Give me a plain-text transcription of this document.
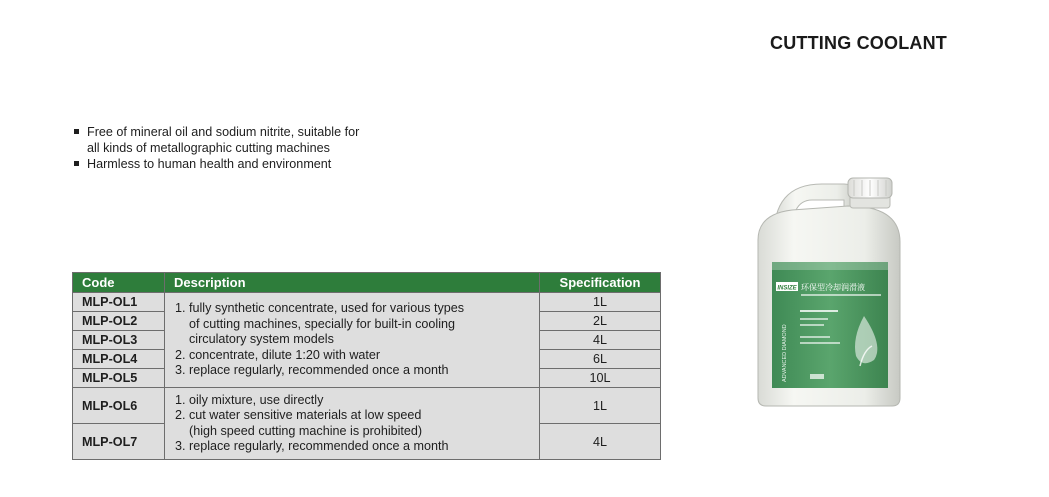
CUTTING COOLANT
Free of mineral oil and sodium nitrite, suitable for
all kinds of metallographic cutting machines
Harmless to human health and environment
Code	Description	Specification
MLP-OL1	1. fully synthetic concentrate, used for various types
of cutting machines, specially for built-in cooling
circulatory system models
2. concentrate, dilute 1:20 with water
3. replace regularly, recommended once a month	1L
MLP-OL2		2L
MLP-OL3		4L
MLP-OL4		6L
MLP-OL5		10L
MLP-OL6	1. oily mixture, use directly
2. cut water sensitive materials at low speed
(high speed cutting machine is prohibited)
3. replace regularly, recommended once a month	1L
MLP-OL7		4L
INSIZE 环保型冷却润滑液
ADVANCED DIAMOND
